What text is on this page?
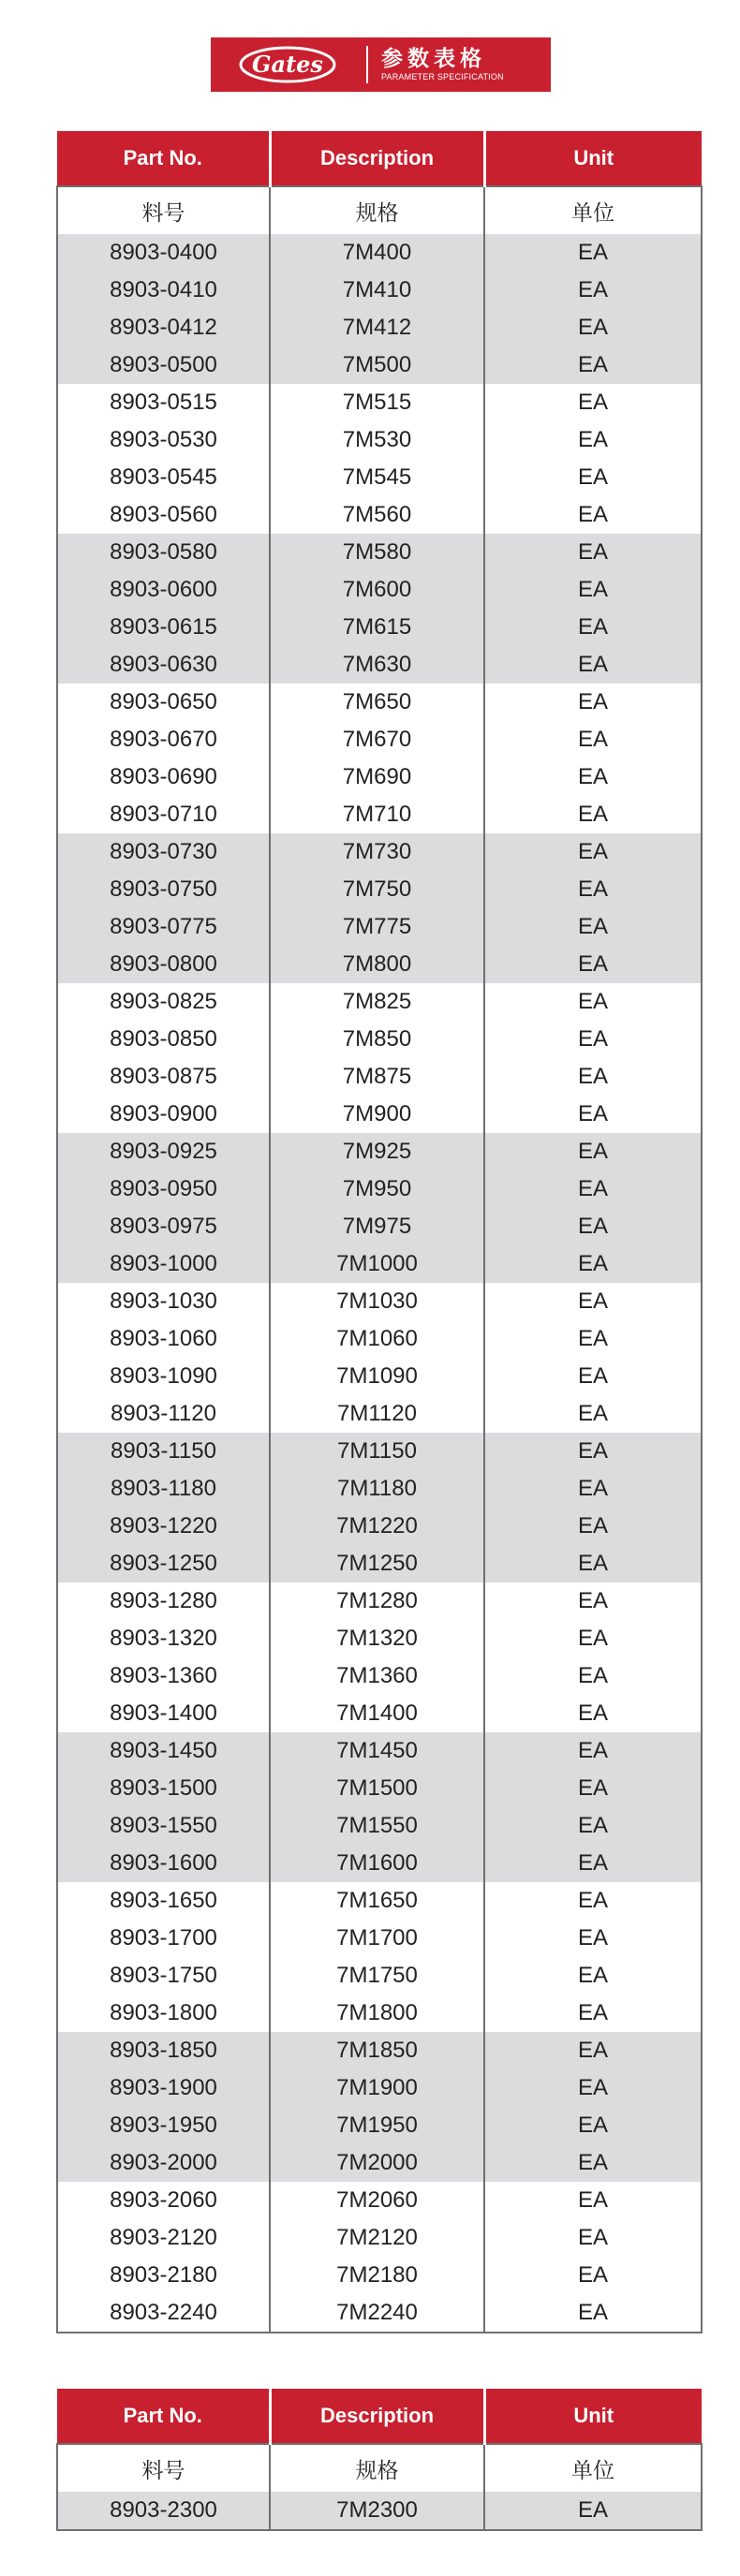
Gates	参数表格
PARAMETER SPECIFICATION
Part No.	Description	Unit
料号	规格	单位
8903-0400	7M400	EA
8903-0410	7M410	EA
8903-0412	7M412	EA
8903-0500	7M500	EA
8903-0515	7M515	EA
8903-0530	7M530	EA
8903-0545	7M545	EA
8903-0560	7M560	EA
8903-0580	7M580	EA
8903-0600	7M600	EA
8903-0615	7M615	EA
8903-0630	7M630	EA
8903-0650	7M650	EA
8903-0670	7M670	EA
8903-0690	7M690	EA
8903-0710	7M710	EA
8903-0730	7M730	EA
8903-0750	7M750	EA
8903-0775	7M775	EA
8903-0800	7M800	EA
8903-0825	7M825	EA
8903-0850	7M850	EA
8903-0875	7M875	EA
8903-0900	7M900	EA
8903-0925	7M925	EA
8903-0950	7M950	EA
8903-0975	7M975	EA
8903-1000	7M1000	EA
8903-1030	7M1030	EA
8903-1060	7M1060	EA
8903-1090	7M1090	EA
8903-1120	7M1120	EA
8903-1150	7M1150	EA
8903-1180	7M1180	EA
8903-1220	7M1220	EA
8903-1250	7M1250	EA
8903-1280	7M1280	EA
8903-1320	7M1320	EA
8903-1360	7M1360	EA
8903-1400	7M1400	EA
8903-1450	7M1450	EA
8903-1500	7M1500	EA
8903-1550	7M1550	EA
8903-1600	7M1600	EA
8903-1650	7M1650	EA
8903-1700	7M1700	EA
8903-1750	7M1750	EA
8903-1800	7M1800	EA
8903-1850	7M1850	EA
8903-1900	7M1900	EA
8903-1950	7M1950	EA
8903-2000	7M2000	EA
8903-2060	7M2060	EA
8903-2120	7M2120	EA
8903-2180	7M2180	EA
8903-2240	7M2240	EA
Part No.	Description	Unit
料号	规格	单位
8903-2300	7M2300	EA
